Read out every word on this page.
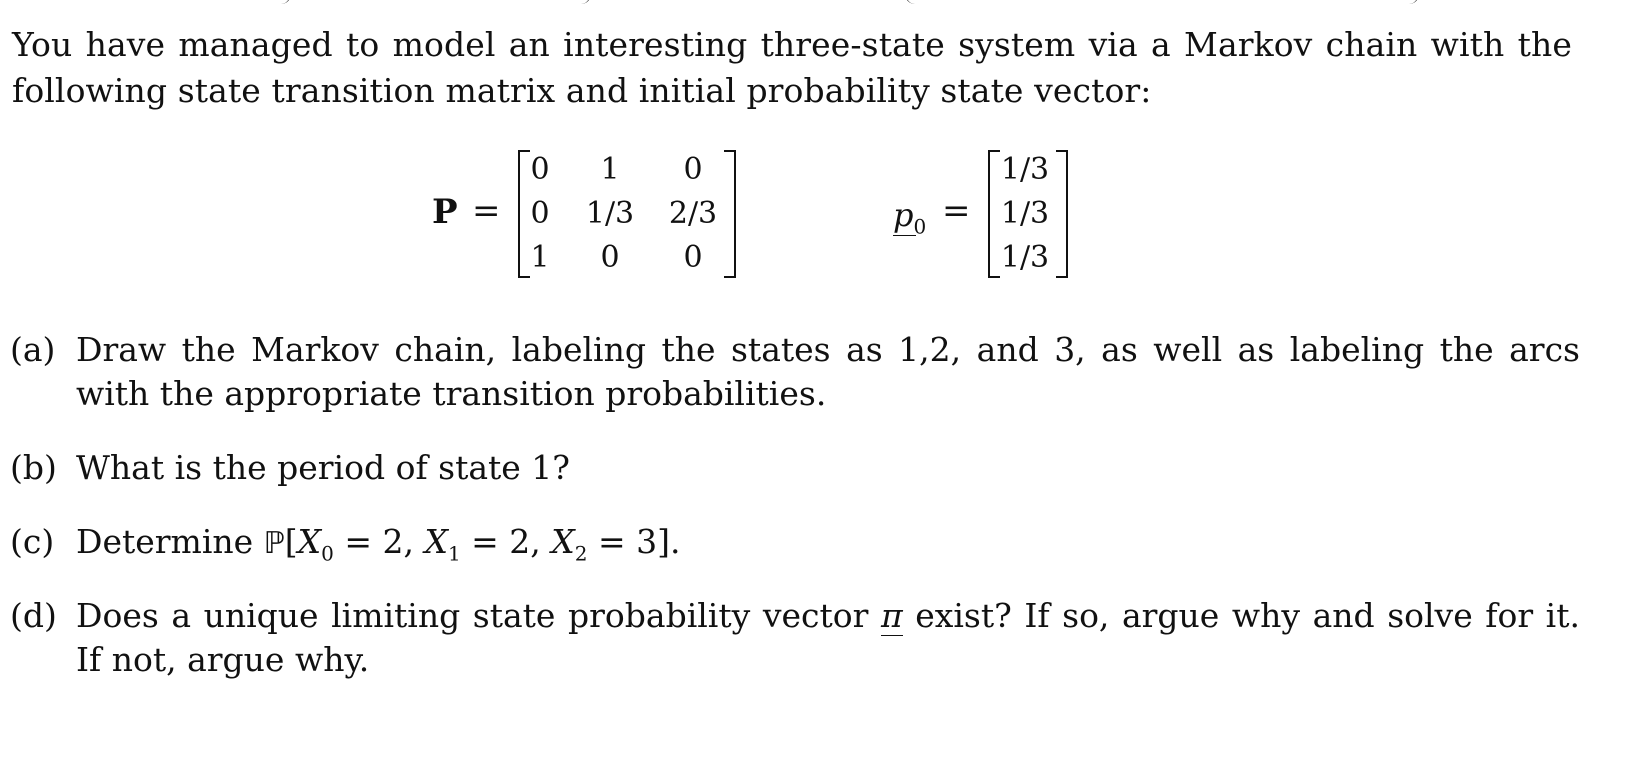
You have managed to model an interesting three-state system via a Markov chain with the
following state transition matrix and initial probability state vector:
P =
0	1	0
0	1/3	2/3
1	0	0
$p_0$ =
1/3
1/3
1/3
(a) Draw the Markov chain, labeling the states as 1,2, and 3, as well as labeling the arcs with the appropriate transition probabilities.
(b) What is the period of state 1?
(c) Determine $ℙ[X_0 = 2$, $X_1 = 2$, $X_2 = 3$].
(d) Does a unique limiting state probability vector π exist? If so, argue why and solve for it. If not, argue why.
